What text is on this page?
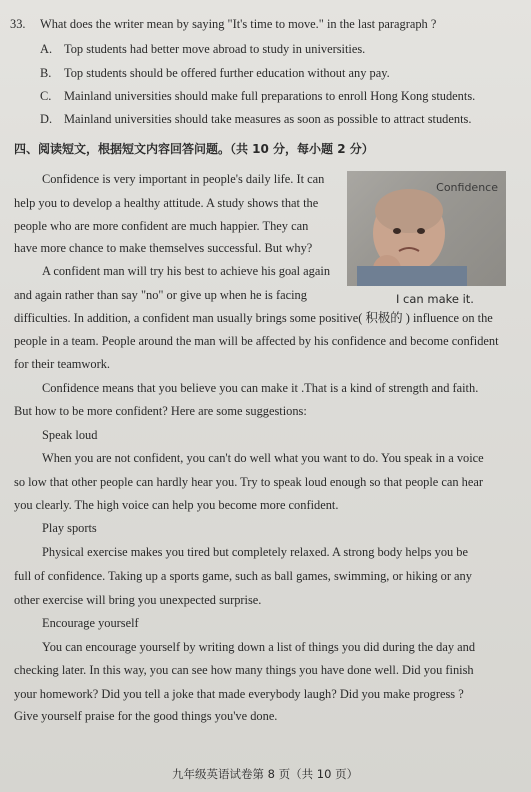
33. What does the writer mean by saying "It's time to move." in the last paragraph ?
A. Top students had better move abroad to study in universities.
B. Top students should be offered further education without any pay.
C. Mainland universities should make full preparations to enroll Hong Kong students.
D. Mainland universities should take measures as soon as possible to attract students.
四、阅读短文，根据短文内容回答问题。（共 10 分，每小题 2 分）
Confidence
I can make it.
Confidence is very important in people's daily life. It can
help you to develop a healthy attitude. A study shows that the
people who are more confident are much happier. They can
have more chance to make themselves successful. But why?
A confident man will try his best to achieve his goal again
and again rather than say "no" or give up when he is facing
difficulties. In addition, a confident man usually brings some positive( 积极的 ) influence on the
people in a team. People around the man will be affected by his confidence and become confident
for their teamwork.
Confidence means that you believe you can make it .That is a kind of strength and faith.
But how to be more confident? Here are some suggestions:
Speak loud
When you are not confident, you can't do well what you want to do. You speak in a voice
so low that other people can hardly hear you. Try to speak loud enough so that people can hear
you clearly. The high voice can help you become more confident.
Play sports
Physical exercise makes you tired but completely relaxed. A strong body helps you be
full of confidence. Taking up a sports game, such as ball games, swimming, or hiking or any
other exercise will bring you unexpected surprise.
Encourage yourself
You can encourage yourself by writing down a list of things you did during the day and
checking later. In this way, you can see how many things you have done well. Did you finish
your homework? Did you tell a joke that made everybody laugh? Did you make progress ?
Give yourself praise for the good things you've done.
九年级英语试卷第 8 页（共 10 页）
